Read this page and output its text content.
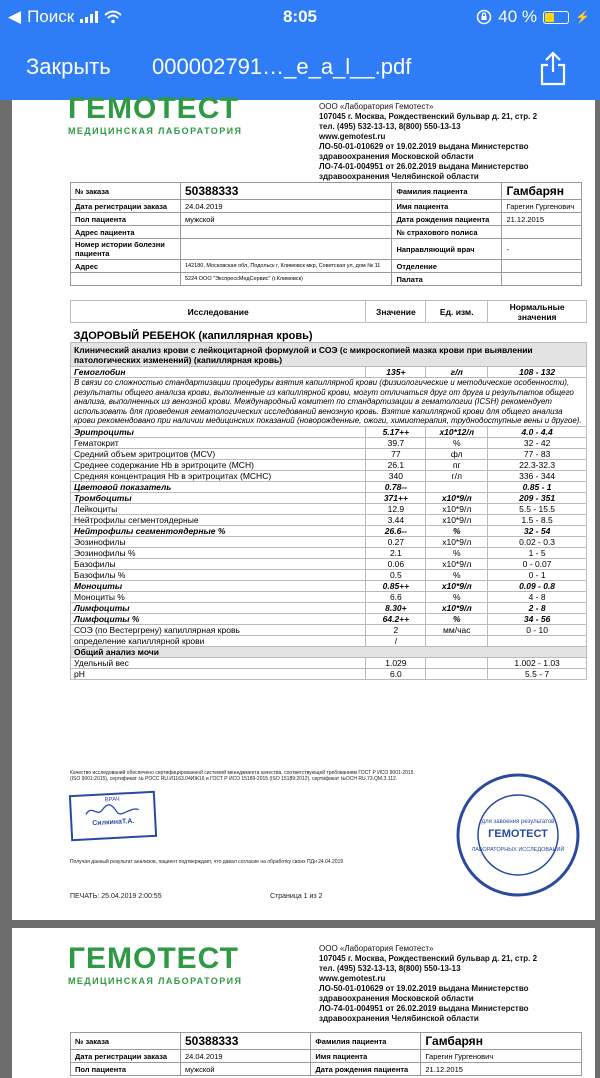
◀ Поиск	8:05	40 %	⚡
Закрыть 000002791…_e_a_l__.pdf
ГЕМОТЕСТ
МЕДИЦИНСКАЯ ЛАБОРАТОРИЯ
ООО «Лаборатория Гемотест»
107045 г. Москва, Рождественский бульвар д. 21, стр. 2
тел. (495) 532-13-13, 8(800) 550-13-13
www.gemotest.ru
ЛО-50-01-010629 от 19.02.2019 выдана Министерство
здравоохранения Московской области
ЛО-74-01-004951 от 26.02.2019 выдана Министерство
здравоохранения Челябинской области
№ заказа	50388333	Фамилия пациента	Гамбарян
Дата регистрации заказа	24.04.2019	Имя пациента	Гарегин Гургенович
Пол пациента	мужской	Дата рождения пациента	21.12.2015
Адрес пациента		№ страхового полиса	
Номер истории болезни пациента		Направляющий врач	-
Адрес	142180, Московская обл, Подольск г, Климовск мкр, Советская ул, дом № 11	Отделение	
	5224 ООО "ЭкспрессМедСервис" (г.Климовск)	Палата	
Исследование	Значение	Ед. изм.	Нормальные значения
ЗДОРОВЫЙ РЕБЕНОК (капиллярная кровь)			
Клинический анализ крови с лейкоцитарной формулой и СОЭ (с микроскопией мазка крови при выявлении патологических изменений) (капиллярная кровь)			
Гемоглобин	135+	г/л	108 - 132
В связи со сложностью стандартизации процедуры взятия капиллярной крови (физиологические и методические особенности), результаты общего анализа крови, выполненные из капиллярной крови, могут отличаться друг от друга и результатов общего анализа, выполненных из венозной крови. Международный комитет по стандартизации в гематологии (ICSH) рекомендует использовать для проведения гематологических исследований венозную кровь. Взятие капиллярной крови для общего анализа крови рекомендовано при наличии медицинских показаний (новорожденные, ожоги, химиотерапия, труднодоступные вены и другое).			
Эритроциты	5.17++	x10*12/л	4.0 - 4.4
Гематокрит	39.7	%	32 - 42
Средний объем эритроцитов (MCV)	77	фл	77 - 83
Среднее содержание Hb в эритроците (MCH)	26.1	пг	22.3-32.3
Средняя концентрация Hb в эритроцитах (MCHC)	340	г/л	336 - 344
Цветовой показатель	0.78--		0.85 - 1
Тромбоциты	371++	x10*9/л	209 - 351
Лейкоциты	12.9	x10*9/л	5.5 - 15.5
Нейтрофилы сегментоядерные	3.44	x10*9/л	1.5 - 8.5
Нейтрофилы сегментоядерные %	26.6--	%	32 - 54
Эозинофилы	0.27	x10*9/л	0.02 - 0.3
Эозинофилы %	2.1	%	1 - 5
Базофилы	0.06	x10*9/л	0 - 0.07
Базофилы %	0.5	%	0 - 1
Моноциты	0.85++	x10*9/л	0.09 - 0.8
Моноциты %	6.6	%	4 - 8
Лимфоциты	8.30+	x10*9/л	2 - 8
Лимфоциты %	64.2++	%	34 - 56
СОЭ (по Вестергрену) капиллярная кровь	2	мм/час	0 - 10
определение капиллярной крови	/		
Общий анализ мочи			
Удельный вес	1.029		1.002 - 1.03
pH	6.0		5.5 - 7
Качество исследований обеспечено сертифицированной системой менеджмента качества, соответствующей требованиям ГОСТ Р ИСО 9001-2015 (ISO 9001:2015), сертификат № РОСС RU.И1163.04ИЖ16 и ГОСТ Р ИСО 15189-2015 (ISO 15189:2012), сертификат №ОСН RU.73.QM.З.112.
ВРАЧ
СилкинаТ.А.	для завоения результатов
ГЕМОТЕСТ
ЛАБОРАТОРНЫХ ИССЛЕДОВАНИЙ
Получая данный результат анализов, пациент подтверждает, что давал согласие на обработку своих ПДн 24.04.2019
ПЕЧАТЬ: 25.04.2019 2:00:55	Страница 1 из 2
ГЕМОТЕСТ
МЕДИЦИНСКАЯ ЛАБОРАТОРИЯ
ООО «Лаборатория Гемотест»
107045 г. Москва, Рождественский бульвар д. 21, стр. 2
тел. (495) 532-13-13, 8(800) 550-13-13
www.gemotest.ru
ЛО-50-01-010629 от 19.02.2019 выдана Министерство
здравоохранения Московской области
ЛО-74-01-004951 от 26.02.2019 выдана Министерство
здравоохранения Челябинской области
№ заказа	50388333	Фамилия пациента	Гамбарян
Дата регистрации заказа	24.04.2019	Имя пациента	Гарегин Гургенович
Пол пациента	мужской	Дата рождения пациента	21.12.2015
